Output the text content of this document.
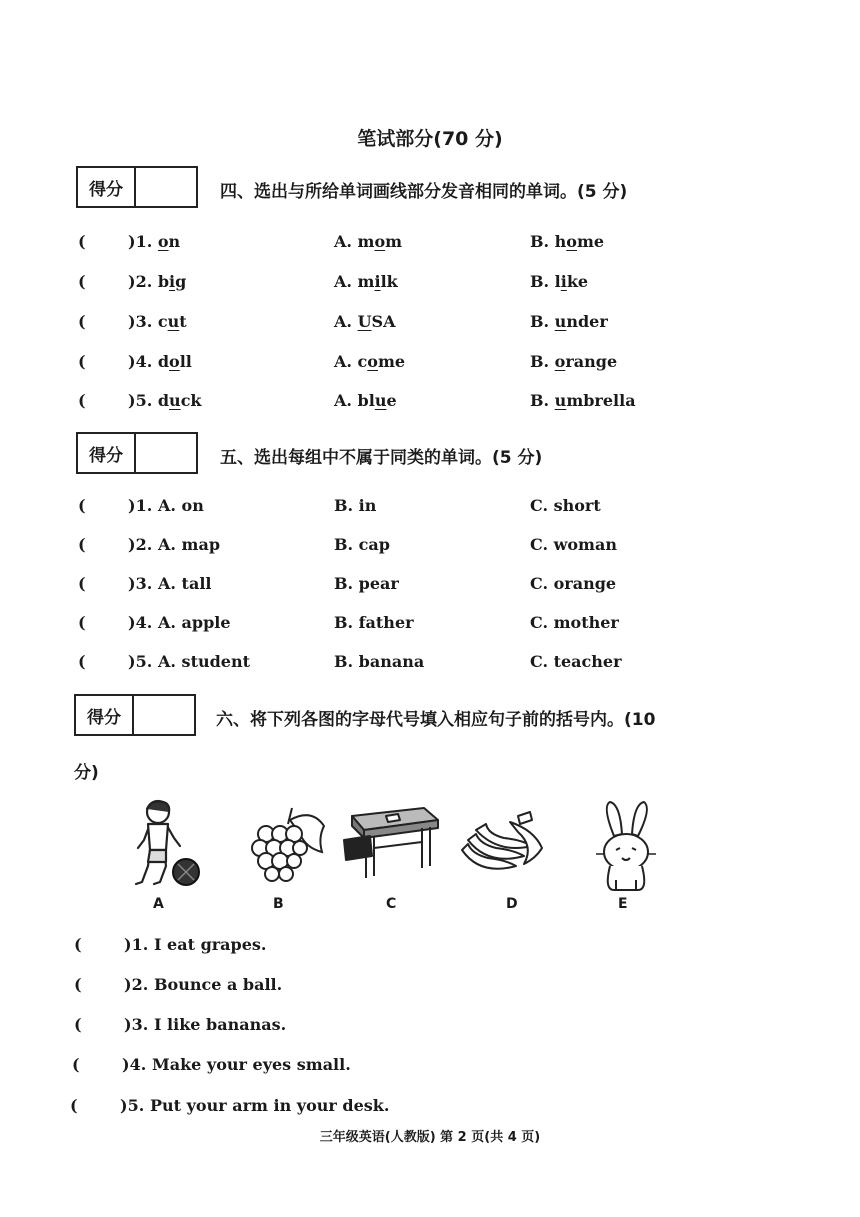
笔试部分(70 分)
得分	四、选出与所给单词画线部分发音相同的单词。(5 分)
(	)1. on	A. mom	B. home
(	)2. big	A. milk	B. like
(	)3. cut	A. USA	B. under
(	)4. doll	A. come	B. orange
(	)5. duck	A. blue	B. umbrella
得分	五、选出每组中不属于同类的单词。(5 分)
(	)1. A. on	B. in	C. short
(	)2. A. map	B. cap	C. woman
(	)3. A. tall	B. pear	C. orange
(	)4. A. apple	B. father	C. mother
(	)5. A. student	B. banana	C. teacher
得分	六、将下列各图的字母代号填入相应句子前的括号内。(10
分)
A	B	C	D	E
(	)1. I eat grapes.
(	)2. Bounce a ball.
(	)3. I like bananas.
(	)4. Make your eyes small.
(	)5. Put your arm in your desk.
三年级英语(人教版) 第 2 页(共 4 页)
